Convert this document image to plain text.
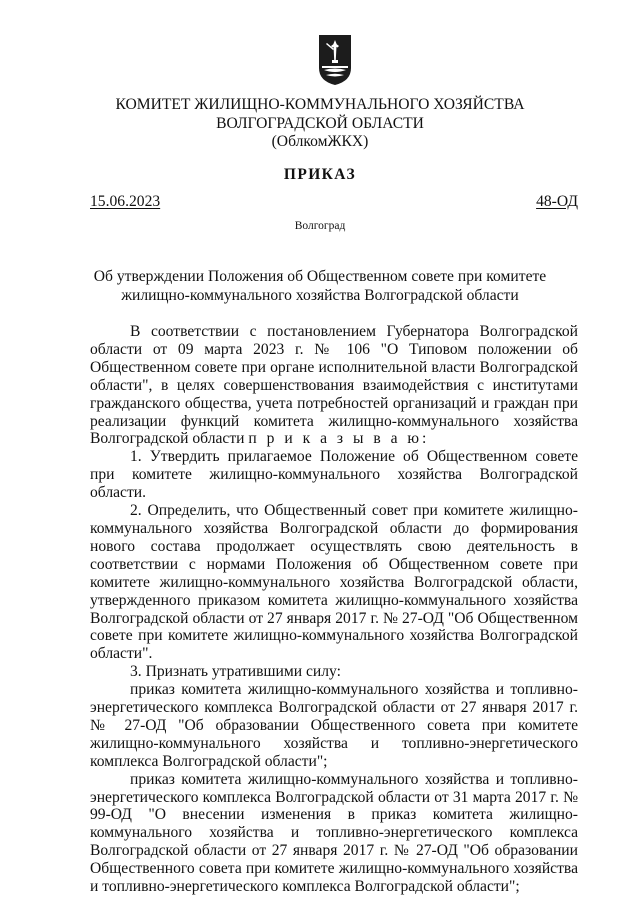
КОМИТЕТ ЖИЛИЩНО-КОММУНАЛЬНОГО ХОЗЯЙСТВА
ВОЛГОГРАДСКОЙ ОБЛАСТИ
(ОблкомЖКХ)
ПРИКАЗ
15.06.2023	48-ОД
Волгоград
Об утверждении Положения об Общественном совете при комитете
жилищно-коммунального хозяйства Волгоградской области

В соответствии с постановлением Губернатора Волгоградской области от 09 марта 2023 г. № 106 "О Типовом положении об Общественном совете при органе исполнительной власти Волгоградской области", в целях совершенствования взаимодействия с институтами гражданского общества, учета потребностей организаций и граждан при реализации функций комитета жилищно-коммунального хозяйства Волгоградской области п р и к а з ы в а ю:

1. Утвердить прилагаемое Положение об Общественном совете при комитете жилищно-коммунального хозяйства Волгоградской области.

2. Определить, что Общественный совет при комитете жилищно-коммунального хозяйства Волгоградской области до формирования нового состава продолжает осуществлять свою деятельность в соответствии с нормами Положения об Общественном совете при комитете жилищно-коммунального хозяйства Волгоградской области, утвержденного приказом комитета жилищно-коммунального хозяйства Волгоградской области от 27 января 2017 г. № 27-ОД "Об Общественном совете при комитете жилищно-коммунального хозяйства Волгоградской области".

3. Признать утратившими силу:

приказ комитета жилищно-коммунального хозяйства и топливно-энергетического комплекса Волгоградской области от 27 января 2017 г. № 27-ОД "Об образовании Общественного совета при комитете жилищно-коммунального хозяйства и топливно-энергетического комплекса Волгоградской области";

приказ комитета жилищно-коммунального хозяйства и топливно-энергетического комплекса Волгоградской области от 31 марта 2017 г. № 99-ОД "О внесении изменения в приказ комитета жилищно-коммунального хозяйства и топливно-энергетического комплекса Волгоградской области от 27 января 2017 г. № 27-ОД "Об образовании Общественного совета при комитете жилищно-коммунального хозяйства и топливно-энергетического комплекса Волгоградской области";
